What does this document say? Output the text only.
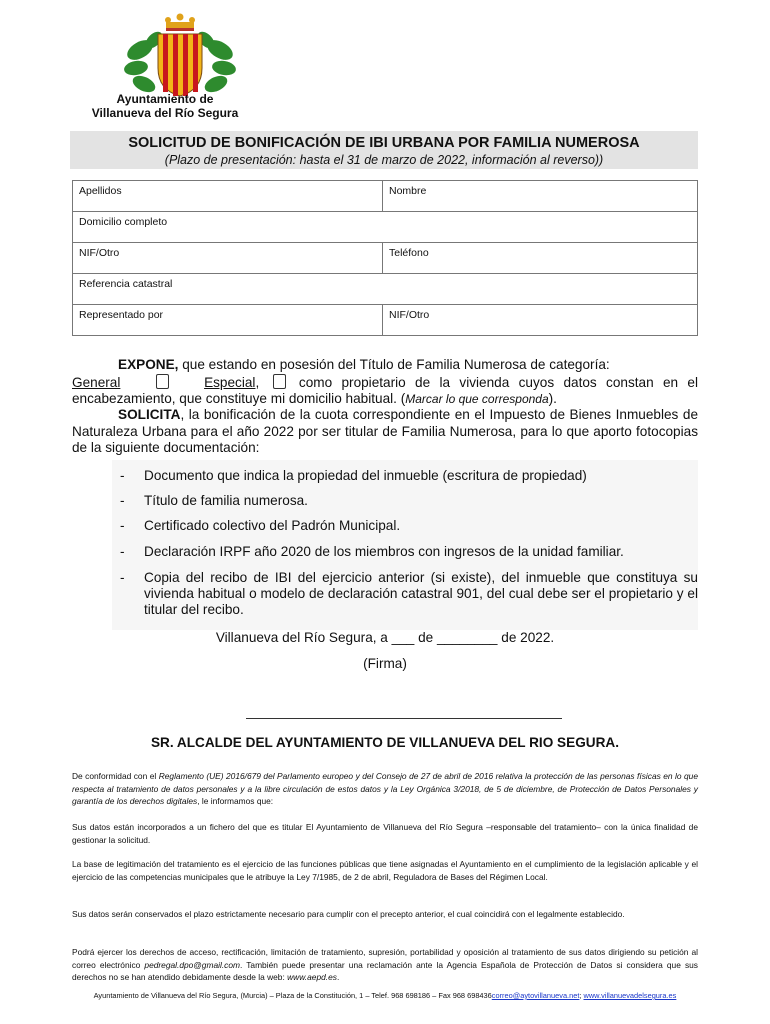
Ayuntamiento de
Villanueva del Río Segura
SOLICITUD DE BONIFICACIÓN DE IBI URBANA POR FAMILIA NUMEROSA
(Plazo de presentación: hasta el 31 de marzo de 2022, información al reverso))
Apellidos	Nombre
Domicilio completo	
NIF/Otro	Teléfono
Referencia catastral	
Representado por	NIF/Otro
EXPONE, que estando en posesión del Título de Familia Numerosa de categoría:
General	Especial,  como propietario de la vivienda cuyos datos constan en el encabezamiento, que constituye mi domicilio habitual. (Marcar lo que corresponda).
SOLICITA, la bonificación de la cuota correspondiente en el Impuesto de Bienes Inmuebles de Naturaleza Urbana para el año 2022 por ser titular de Familia Numerosa, para lo que aporto fotocopias de la siguiente documentación:
- Documento que indica la propiedad del inmueble (escritura de propiedad)
- Título de familia numerosa.
- Certificado colectivo del Padrón Municipal.
- Declaración IRPF año 2020 de los miembros con ingresos de la unidad familiar.
- Copia del recibo de IBI del ejercicio anterior (si existe), del inmueble que constituya su vivienda habitual o modelo de declaración catastral 901, del cual debe ser el propietario y el titular del recibo.
Villanueva del Río Segura, a ___ de ________ de 2022.
(Firma)
SR. ALCALDE DEL AYUNTAMIENTO DE VILLANUEVA DEL RIO SEGURA.
De conformidad con el Reglamento (UE) 2016/679 del Parlamento europeo y del Consejo de 27 de abril de 2016 relativa la protección de las personas físicas en lo que respecta al tratamiento de datos personales y a la libre circulación de estos datos y la Ley Orgánica 3/2018, de 5 de diciembre, de Protección de Datos Personales y garantía de los derechos digitales, le informamos que:
Sus datos están incorporados a un fichero del que es titular El Ayuntamiento de Villanueva del Río Segura –responsable del tratamiento– con la única finalidad de gestionar la solicitud.
La base de legitimación del tratamiento es el ejercicio de las funciones públicas que tiene asignadas el Ayuntamiento en el cumplimiento de la legislación aplicable y el ejercicio de las competencias municipales que le atribuye la Ley 7/1985, de 2 de abril, Reguladora de Bases del Régimen Local.
Sus datos serán conservados el plazo estrictamente necesario para cumplir con el precepto anterior, el cual coincidirá con el legalmente establecido.
Podrá ejercer los derechos de acceso, rectificación, limitación de tratamiento, supresión, portabilidad y oposición al tratamiento de sus datos dirigiendo su petición al correo electrónico pedregal.dpo@gmail.com. También puede presentar una reclamación ante la Agencia Española de Protección de Datos si considera que sus derechos no se han atendido debidamente desde la web: www.aepd.es.
Ayuntamiento de Villanueva del Río Segura, (Murcia) – Plaza de la Constitución, 1 – Telef. 968 698186 – Fax 968 698436correo@aytovillanueva.net; www.villanuevadelsegura.es
